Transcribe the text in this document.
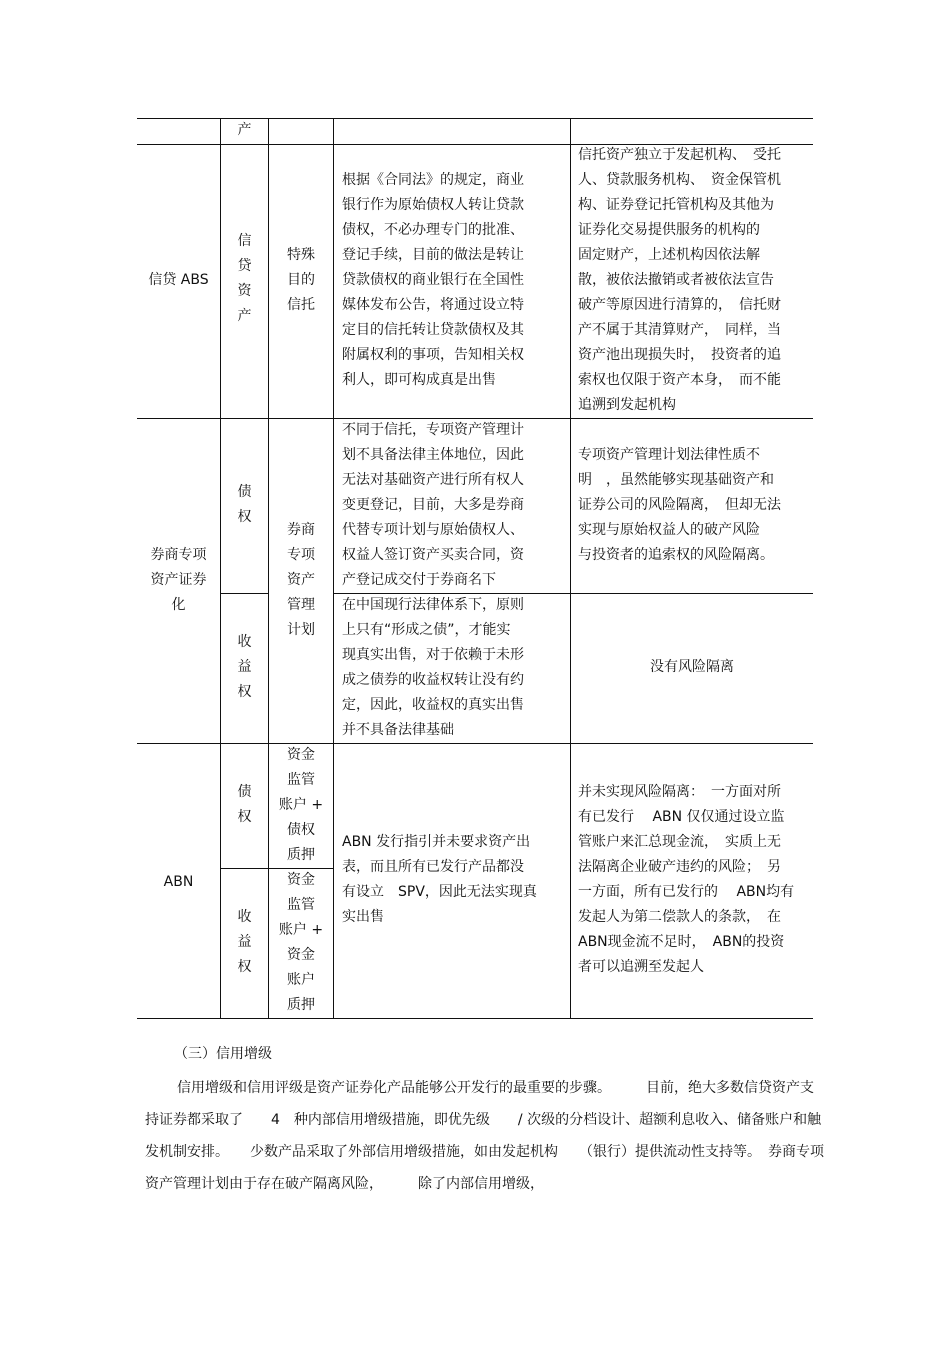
产
信贷 ABS
信
贷
资
产
特殊
目的
信托
根据《合同法》的规定，商业
银行作为原始债权人转让贷款
债权，不必办理专门的批准、
登记手续，目前的做法是转让
贷款债权的商业银行在全国性
媒体发布公告，将通过设立特
定目的信托转让贷款债权及其
附属权利的事项，告知相关权
利人，即可构成真是出售
信托资产独立于发起机构、　受托
人、贷款服务机构、　资金保管机
构、证券登记托管机构及其他为
证券化交易提供服务的机构的
固定财产，上述机构因依法解
散，被依法撤销或者被依法宣告
破产等原因进行清算的，　信托财
产不属于其清算财产，　同样，当
资产池出现损失时，　投资者的追
索权也仅限于资产本身，　而不能
追溯到发起机构
券商专项
资产证券
化
债
权
收
益
权
券商
专项
资产
管理
计划
不同于信托，专项资产管理计
划不具备法律主体地位，因此
无法对基础资产进行所有权人
变更登记，目前，大多是券商
代替专项计划与原始债权人、
权益人签订资产买卖合同，资
产登记成交付于券商名下
专项资产管理计划法律性质不
明　，虽然能够实现基础资产和
证券公司的风险隔离，　但却无法
实现与原始权益人的破产风险
与投资者的追索权的风险隔离。
在中国现行法律体系下，原则
上只有“形成之债”，才能实
现真实出售，对于依赖于未形
成之债券的收益权转让没有约
定，因此，收益权的真实出售
并不具备法律基础
没有风险隔离
ABN
债
权
收
益
权
资金
监管
账户 +
债权
质押
资金
监管
账户 +
资金
账户
质押
ABN 发行指引并未要求资产出
表，而且所有已发行产品都没
有设立　SPV，因此无法实现真
实出售
并未实现风险隔离：　一方面对所
有已发行　 ABN 仅仅通过设立监
管账户来汇总现金流，　实质上无
法隔离企业破产违约的风险；　另
一方面，所有已发行的　 ABN均有
发起人为第二偿款人的条款，　在
ABN现金流不足时，　ABN的投资
者可以追溯至发起人
（三）信用增级
信用增级和信用评级是资产证券化产品能够公开发行的最重要的步骤。　　　目前，绝大多数信贷资产支持证券都采取了　　4　种内部信用增级措施，即优先级　　/ 次级的分档设计、超额利息收入、储备账户和触发机制安排。　　少数产品采取了外部信用增级措施，如由发起机构　　（银行）提供流动性支持等。　券商专项资产管理计划由于存在破产隔离风险，　　　除了内部信用增级，
